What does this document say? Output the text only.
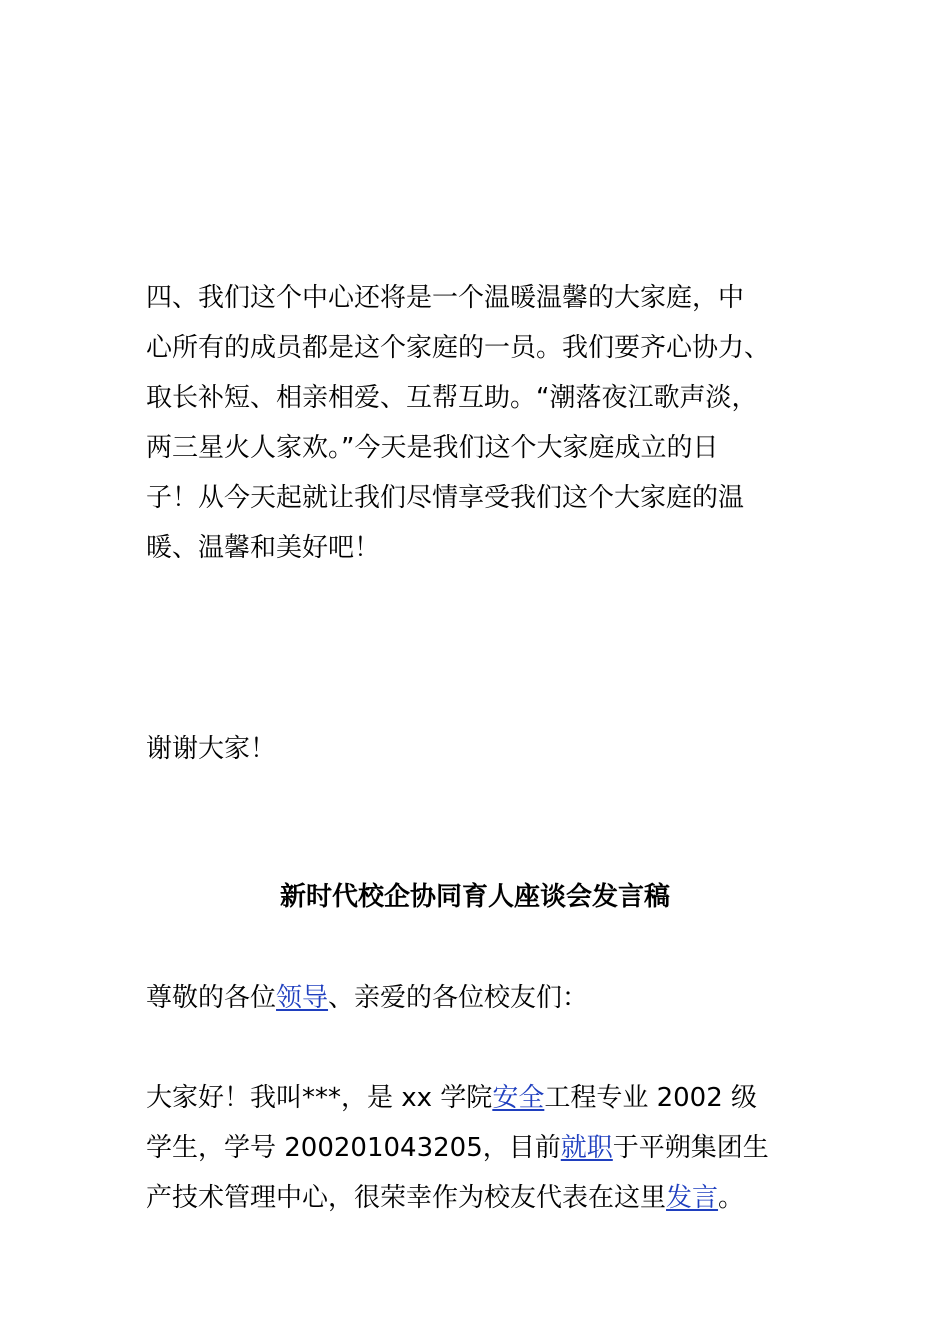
四、我们这个中心还将是一个温暖温馨的大家庭，中
心所有的成员都是这个家庭的一员。我们要齐心协力、
取长补短、相亲相爱、互帮互助。“潮落夜江歌声淡，
两三星火人家欢。”今天是我们这个大家庭成立的日
子！从今天起就让我们尽情享受我们这个大家庭的温
暖、温馨和美好吧！

谢谢大家！

新时代校企协同育人座谈会发言稿

尊敬的各位领导、亲爱的各位校友们：

大家好！我叫***，是 xx 学院安全工程专业 2002 级
学生，学号 200201043205，目前就职于平朔集团生
产技术管理中心，很荣幸作为校友代表在这里发言。
